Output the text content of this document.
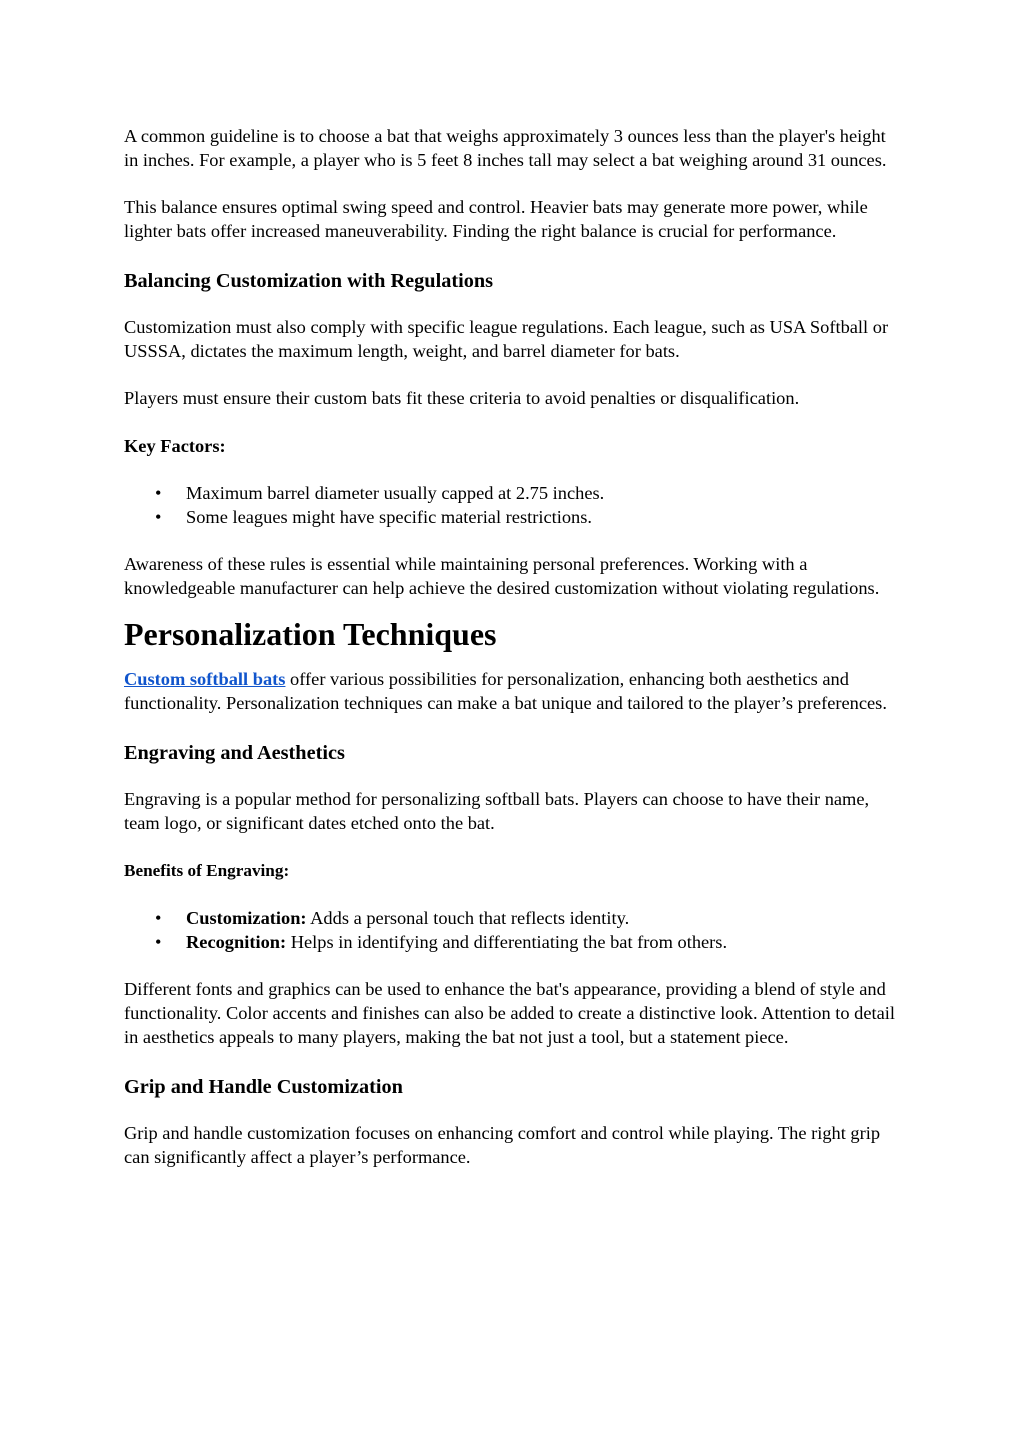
A common guideline is to choose a bat that weighs approximately 3 ounces less than the player's height in inches. For example, a player who is 5 feet 8 inches tall may select a bat weighing around 31 ounces.

This balance ensures optimal swing speed and control. Heavier bats may generate more power, while lighter bats offer increased maneuverability. Finding the right balance is crucial for performance.

Balancing Customization with Regulations

Customization must also comply with specific league regulations. Each league, such as USA Softball or USSSA, dictates the maximum length, weight, and barrel diameter for bats.

Players must ensure their custom bats fit these criteria to avoid penalties or disqualification.

Key Factors:
• Maximum barrel diameter usually capped at 2.75 inches.
• Some leagues might have specific material restrictions.

Awareness of these rules is essential while maintaining personal preferences. Working with a knowledgeable manufacturer can help achieve the desired customization without violating regulations.

Personalization Techniques

Custom softball bats offer various possibilities for personalization, enhancing both aesthetics and functionality. Personalization techniques can make a bat unique and tailored to the player’s preferences.

Engraving and Aesthetics

Engraving is a popular method for personalizing softball bats. Players can choose to have their name, team logo, or significant dates etched onto the bat.

Benefits of Engraving:
• Customization: Adds a personal touch that reflects identity.
• Recognition: Helps in identifying and differentiating the bat from others.

Different fonts and graphics can be used to enhance the bat's appearance, providing a blend of style and functionality. Color accents and finishes can also be added to create a distinctive look. Attention to detail in aesthetics appeals to many players, making the bat not just a tool, but a statement piece.

Grip and Handle Customization

Grip and handle customization focuses on enhancing comfort and control while playing. The right grip can significantly affect a player’s performance.
